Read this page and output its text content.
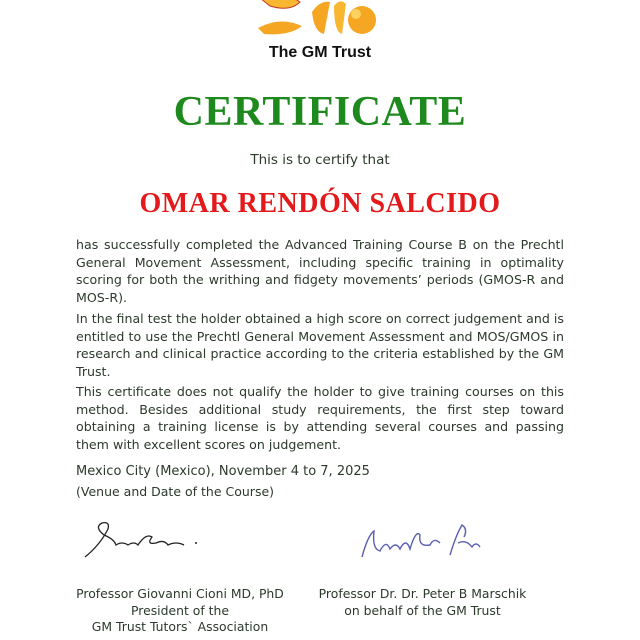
The GM Trust
CERTIFICATE
This is to certify that
OMAR RENDÓN SALCIDO

has successfully completed the Advanced Training Course B on the Prechtl General Movement Assessment, including specific training in optimality scoring for both the writhing and fidgety movements’ periods (GMOS-R and MOS-R).

In the final test the holder obtained a high score on correct judgement and is entitled to use the Prechtl General Movement Assessment and MOS/GMOS in research and clinical practice according to the criteria established by the GM Trust.

This certificate does not qualify the holder to give training courses on this method. Besides additional study requirements, the first step toward obtaining a training license is by attending several courses and passing them with excellent scores on judgement.

Mexico City (Mexico), November 4 to 7, 2025
(Venue and Date of the Course)
Professor Giovanni Cioni MD, PhD
President of the
GM Trust Tutors` Association
Professor Dr. Dr. Peter B Marschik
on behalf of the GM Trust
